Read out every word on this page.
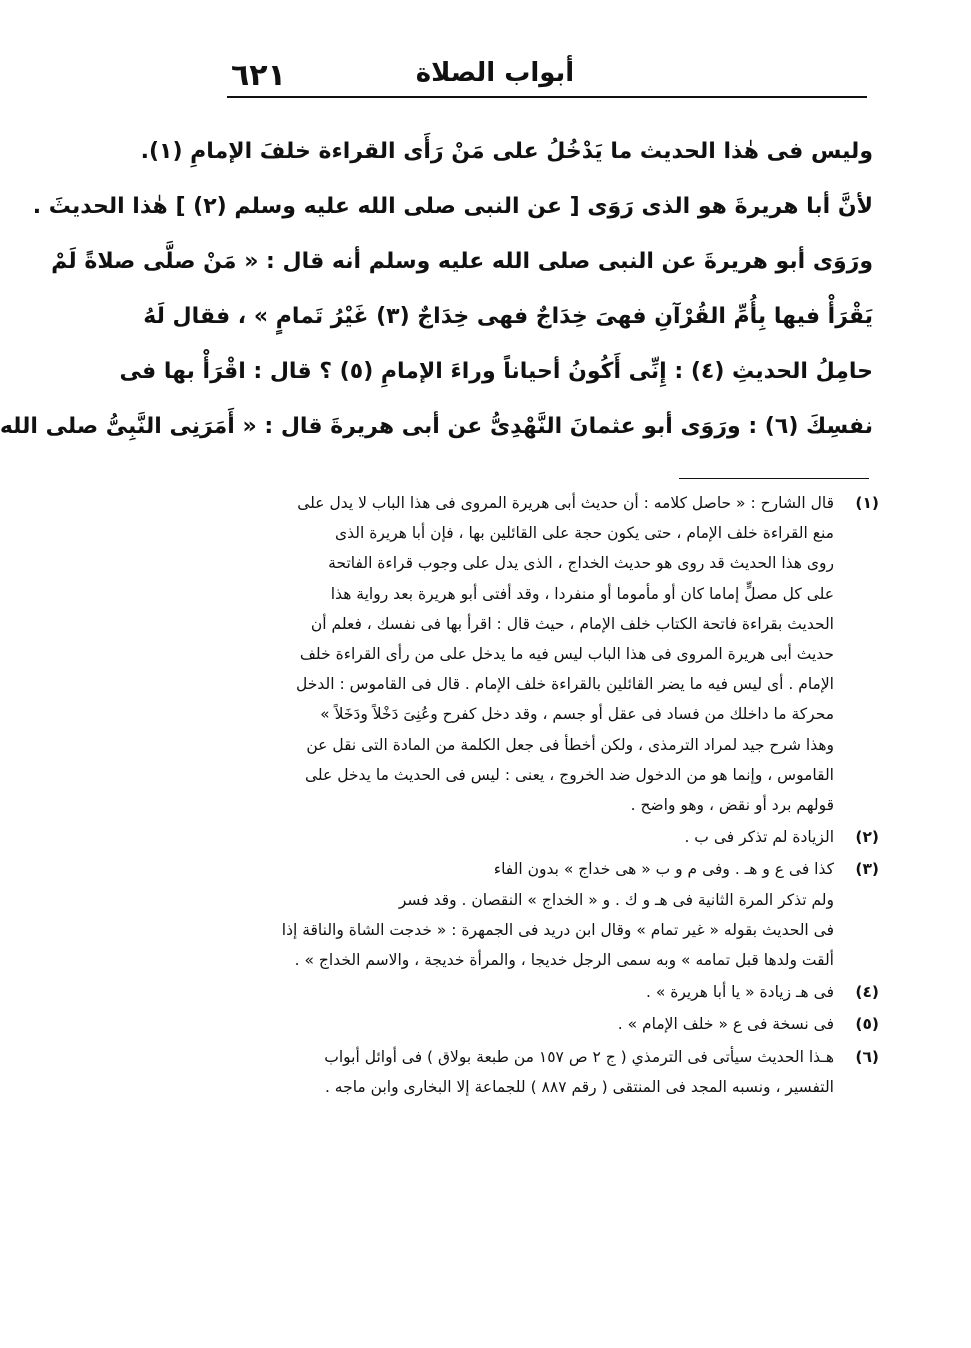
٦٢١	أبواب الصلاة
وليس فى هٰذا الحديث ما يَدْخُلُ على مَنْ رَأَى القراءة خلفَ الإمامِ (١).
لأنَّ أبا هريرةَ هو الذى رَوَى [ عن النبى صلى الله عليه وسلم (٢) ] هٰذا الحديثَ .
ورَوَى أبو هريرةَ عن النبى صلى الله عليه وسلم أنه قال : « مَنْ صلَّى صلاةً لَمْ
يَقْرَأْ فيها بِأُمِّ القُرْآنِ فهىَ خِدَاجٌ فهى خِدَاجٌ (٣) غَيْرُ تَمامٍ » ، فقال لَهُ
حامِلُ الحديثِ (٤) : إِنِّى أَكُونُ أحياناً وراءَ الإمامِ (٥) ؟ قال : اقْرَأْ بها فى
نفسِكَ (٦) : ورَوَى أبو عثمانَ النَّهْدِىُّ عن أبى هريرةَ قال : « أَمَرَنِى النَّبِىُّ صلى الله
(١)قال الشارح : « حاصل كلامه : أن حديث أبى هريرة المروى فى هذا الباب لا يدل على
منع القراءة خلف الإمام ، حتى يكون حجة على القائلين بها ، فإن أبا هريرة الذى
روى هذا الحديث قد روى هو حديث الخداج ، الذى يدل على وجوب قراءة الفاتحة
على كل مصلٍّ إماما كان أو مأموما أو منفردا ، وقد أفتى أبو هريرة بعد رواية هذا
الحديث بقراءة فاتحة الكتاب خلف الإمام ، حيث قال : اقرأ بها فى نفسك ، فعلم أن
حديث أبى هريرة المروى فى هذا الباب ليس فيه ما يدخل على من رأى القراءة خلف
الإمام . أى ليس فيه ما يضر القائلين بالقراءة خلف الإمام . قال فى القاموس : الدخل
محركة ما داخلك من فساد فى عقل أو جسم ، وقد دخل كفرح وعُنِىَ دَخْلاً ودَخَلاً »
وهذا شرح جيد لمراد الترمذى ، ولكن أخطأ فى جعل الكلمة من المادة التى نقل عن
القاموس ، وإنما هو من الدخول ضد الخروج ، يعنى : ليس فى الحديث ما يدخل على
قولهم برد أو نقض ، وهو واضح .
(٢)الزيادة لم تذكر فى ب .
(٣)كذا فى ع و هـ . وفى م و ب « هى خداج » بدون الفاء
ولم تذكر المرة الثانية فى هـ و ك . و « الخداج » النقصان . وقد فسر
فى الحديث بقوله « غير تمام » وقال ابن دريد فى الجمهرة : « خدجت الشاة والناقة إذا
ألقت ولدها قبل تمامه » وبه سمى الرجل خديجا ، والمرأة خديجة ، والاسم الخداج » .
(٤)فى هـ زيادة « يا أبا هريرة » .
(٥)فى نسخة فى ع « خلف الإمام » .
(٦)هـذا الحديث سيأتى فى الترمذي ( ج ٢ ص ١٥٧ من طبعة بولاق ) فى أوائل أبواب
التفسير ، ونسبه المجد فى المنتقى ( رقم ٨٨٧ ) للجماعة إلا البخارى وابن ماجه .
